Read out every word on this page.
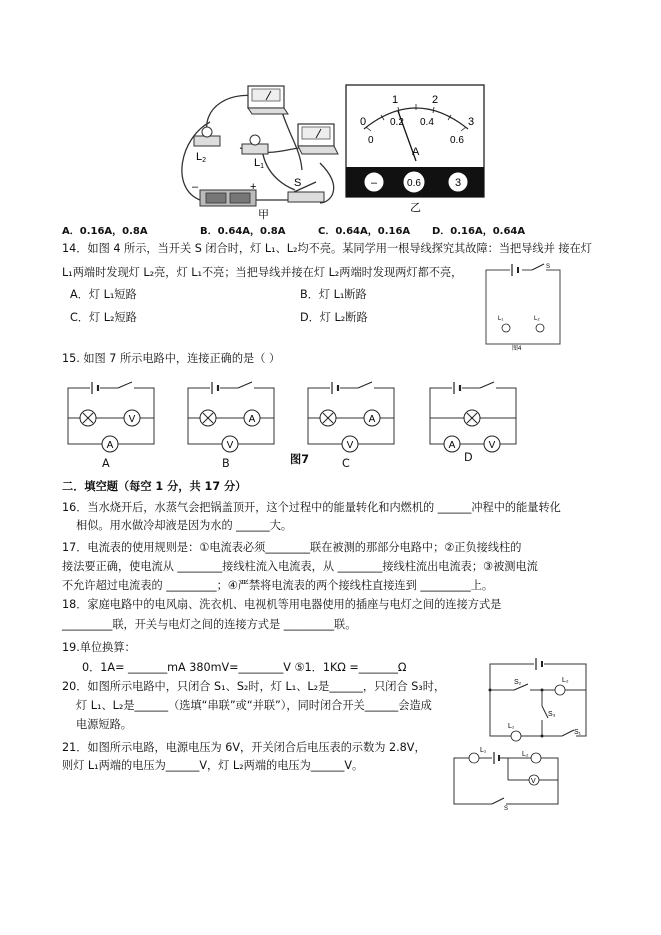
L2	L1
S
–	+
甲
–	0.6	3
0
1	2
3
0
0.2 0.4
0.6
A
乙
A．0.16A，0.8A	B．0.64A，0.8A	C．0.64A，0.16A D．0.16A，0.64A
14．如图 4 所示，当开关 S 闭合时，灯 L₁、L₂均不亮。某同学用一根导线探究其故障：当把导线并 接在灯
L₁两端时发现灯 L₂亮，灯 L₁不亮；当把导线并接在灯 L₂两端时发现两灯都不亮，
A．灯 L₁短路	B．灯 L₁断路
C．灯 L₂短路	D．灯 L₂断路
S
L₁	L₂
图4
15. 如图 7 所示电路中，连接正确的是（ ）
V
A
A
V
A
V	A	V
A	B	图7	C	D
二．填空题（每空 1 分，共 17 分）
16．当水烧开后，水蒸气会把锅盖顶开，这个过程中的能量转化和内燃机的 ______冲程中的能量转化
相似。用水做冷却液是因为水的 ______大。
17．电流表的使用规则是：①电流表必须________联在被测的那部分电路中；②正负接线柱的
接法要正确，使电流从 ________接线柱流入电流表，从 ________接线柱流出电流表；③被测电流
不允许超过电流表的 _________；④严禁将电流表的两个接线柱直接连到 _________上。
18．家庭电路中的电风扇、洗衣机、电视机等用电器使用的插座与电灯之间的连接方式是
_________联，开关与电灯之间的连接方式是 _________联。
19.单位换算：
0．1A= _______mA 380mV=________V ⑤1．1KΩ =_______Ω
20．如图所示电路中，只闭合 S₁、S₂时，灯 L₁、L₂是______，只闭合 S₃时，
灯 L₁、L₂是______（选填“串联”或“并联”），同时闭合开关______会造成
电源短路。
S₂	L₂
S₃
L₁
S₁
21．如图所示电路，电源电压为 6V，开关闭合后电压表的示数为 2.8V，
则灯 L₁两端的电压为______V，灯 L₂两端的电压为______V。
L₁
L₂
V
S
